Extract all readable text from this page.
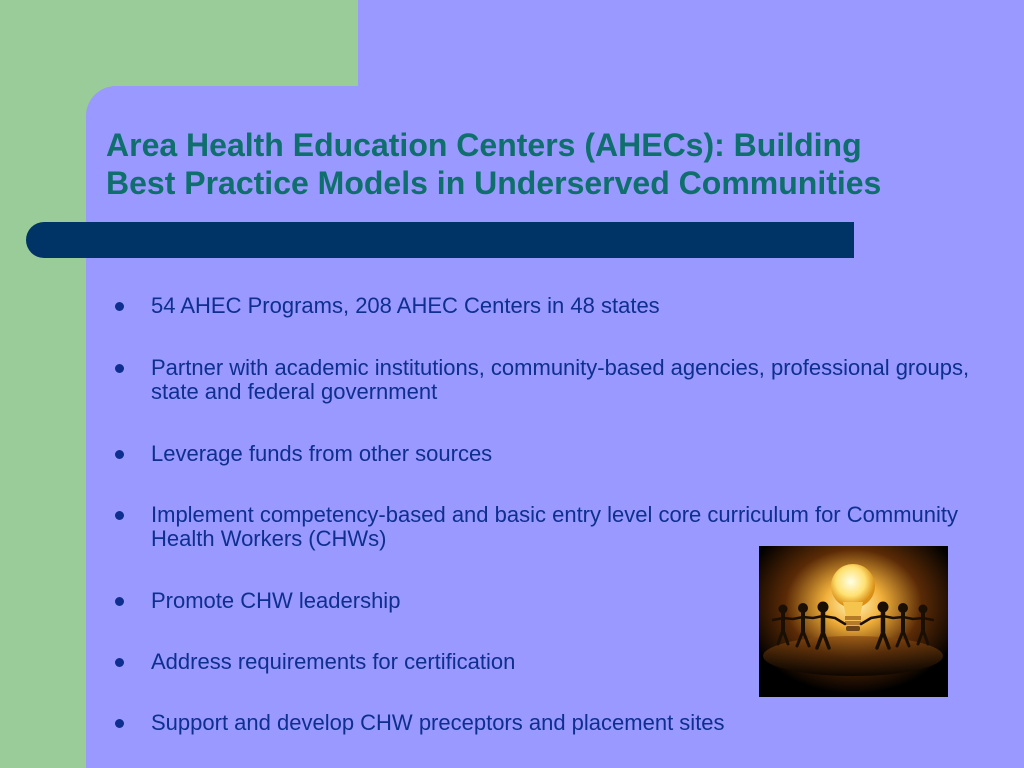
Area Health Education Centers (AHECs): Building
Best Practice Models in Underserved Communities
54 AHEC Programs, 208 AHEC Centers in 48 states
Partner with academic institutions, community-based agencies, professional groups, state and federal government
Leverage funds from other sources
Implement competency-based and basic entry level core curriculum for Community Health Workers (CHWs)
Promote CHW leadership
Address requirements for certification
Support and develop CHW preceptors and placement sites
